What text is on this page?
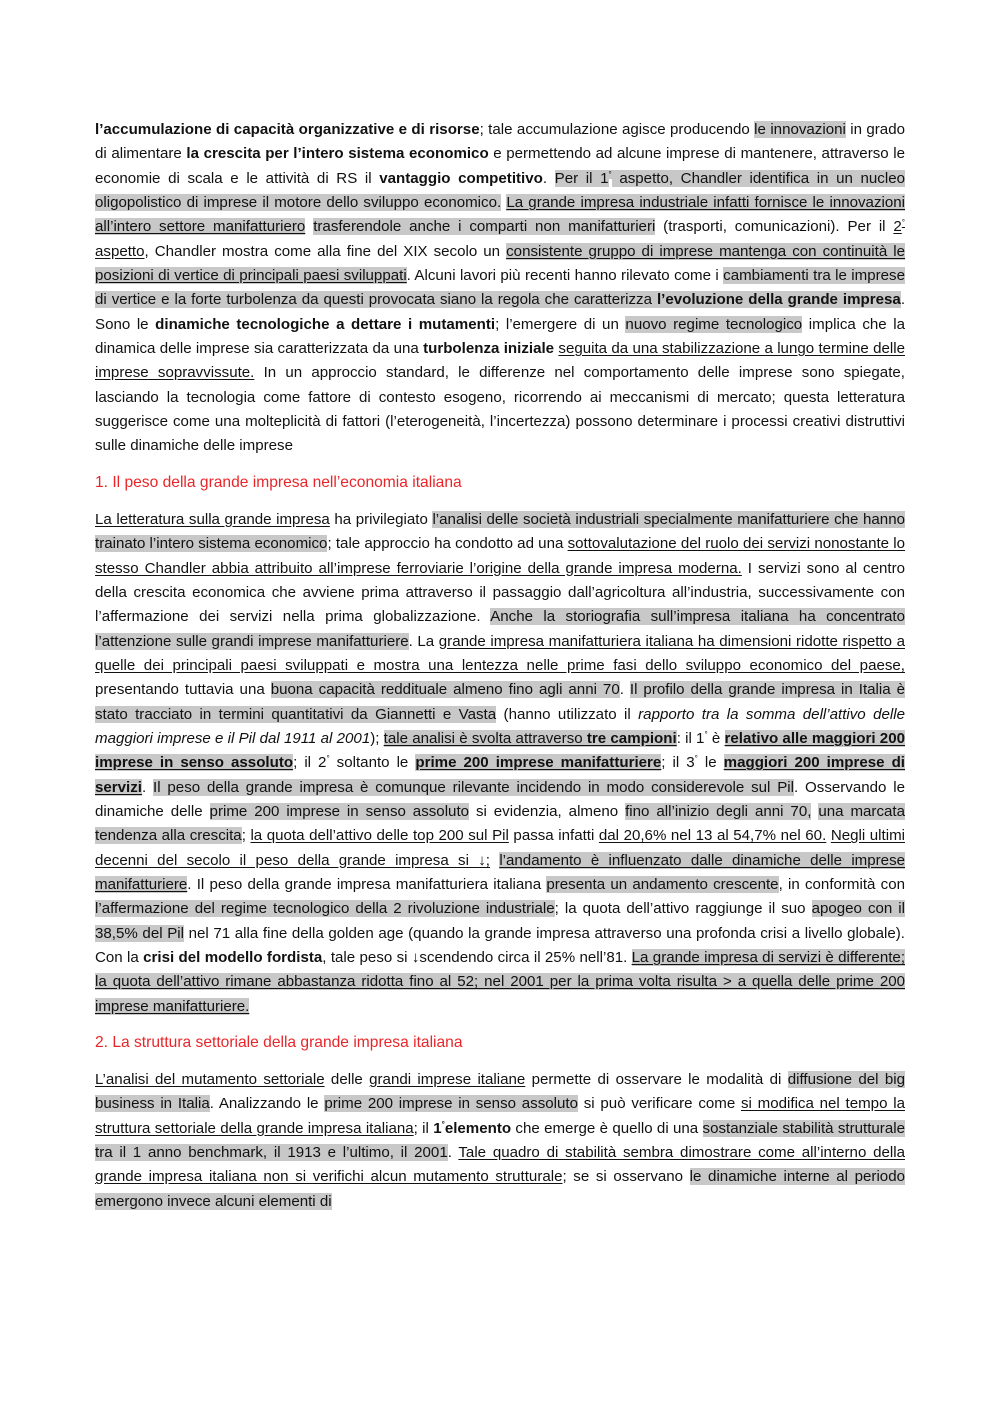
l’accumulazione di capacità organizzative e di risorse; tale accumulazione agisce producendo le innovazioni in grado di alimentare la crescita per l’intero sistema economico e permettendo ad alcune imprese di mantenere, attraverso le economie di scala e le attività di RS il vantaggio competitivo. Per il 1° aspetto, Chandler identifica in un nucleo oligopolistico di imprese il motore dello sviluppo economico. La grande impresa industriale infatti fornisce le innovazioni all’intero settore manifatturiero trasferendole anche i comparti non manifatturieri (trasporti, comunicazioni). Per il 2° aspetto, Chandler mostra come alla fine del XIX secolo un consistente gruppo di imprese mantenga con continuità le posizioni di vertice di principali paesi sviluppati. Alcuni lavori più recenti hanno rilevato come i cambiamenti tra le imprese di vertice e la forte turbolenza da questi provocata siano la regola che caratterizza l’evoluzione della grande impresa. Sono le dinamiche tecnologiche a dettare i mutamenti; l’emergere di un nuovo regime tecnologico implica che la dinamica delle imprese sia caratterizzata da una turbolenza iniziale seguita da una stabilizzazione a lungo termine delle imprese sopravvissute. In un approccio standard, le differenze nel comportamento delle imprese sono spiegate, lasciando la tecnologia come fattore di contesto esogeno, ricorrendo ai meccanismi di mercato; questa letteratura suggerisce come una molteplicità di fattori (l’eterogeneità, l’incertezza) possono determinare i processi creativi distruttivi sulle dinamiche delle imprese

1. Il peso della grande impresa nell’economia italiana

La letteratura sulla grande impresa ha privilegiato l’analisi delle società industriali specialmente manifatturiere che hanno trainato l’intero sistema economico; tale approccio ha condotto ad una sottovalutazione del ruolo dei servizi nonostante lo stesso Chandler abbia attribuito all’imprese ferroviarie l’origine della grande impresa moderna. I servizi sono al centro della crescita economica che avviene prima attraverso il passaggio dall’agricoltura all’industria, successivamente con l’affermazione dei servizi nella prima globalizzazione. Anche la storiografia sull’impresa italiana ha concentrato l’attenzione sulle grandi imprese manifatturiere. La grande impresa manifatturiera italiana ha dimensioni ridotte rispetto a quelle dei principali paesi sviluppati e mostra una lentezza nelle prime fasi dello sviluppo economico del paese, presentando tuttavia una buona capacità reddituale almeno fino agli anni 70. Il profilo della grande impresa in Italia è stato tracciato in termini quantitativi da Giannetti e Vasta (hanno utilizzato il rapporto tra la somma dell’attivo delle maggiori imprese e il Pil dal 1911 al 2001); tale analisi è svolta attraverso tre campioni: il 1° è relativo alle maggiori 200 imprese in senso assoluto; il 2° soltanto le prime 200 imprese manifatturiere; il 3° le maggiori 200 imprese di servizi. Il peso della grande impresa è comunque rilevante incidendo in modo considerevole sul Pil. Osservando le dinamiche delle prime 200 imprese in senso assoluto si evidenzia, almeno fino all’inizio degli anni 70, una marcata tendenza alla crescita; la quota dell’attivo delle top 200 sul Pil passa infatti dal 20,6% nel 13 al 54,7% nel 60. Negli ultimi decenni del secolo il peso della grande impresa si ↓; l’andamento è influenzato dalle dinamiche delle imprese manifatturiere. Il peso della grande impresa manifatturiera italiana presenta un andamento crescente, in conformità con l’affermazione del regime tecnologico della 2 rivoluzione industriale; la quota dell’attivo raggiunge il suo apogeo con il 38,5% del Pil nel 71 alla fine della golden age (quando la grande impresa attraverso una profonda crisi a livello globale). Con la crisi del modello fordista, tale peso si ↓scendendo circa il 25% nell’81. La grande impresa di servizi è differente; la quota dell’attivo rimane abbastanza ridotta fino al 52; nel 2001 per la prima volta risulta > a quella delle prime 200 imprese manifatturiere.

2. La struttura settoriale della grande impresa italiana

L’analisi del mutamento settoriale delle grandi imprese italiane permette di osservare le modalità di diffusione del big business in Italia. Analizzando le prime 200 imprese in senso assoluto si può verificare come si modifica nel tempo la struttura settoriale della grande impresa italiana; il 1°elemento che emerge è quello di una sostanziale stabilità strutturale tra il 1 anno benchmark, il 1913 e l’ultimo, il 2001. Tale quadro di stabilità sembra dimostrare come all’interno della grande impresa italiana non si verifichi alcun mutamento strutturale; se si osservano le dinamiche interne al periodo emergono invece alcuni elementi di
